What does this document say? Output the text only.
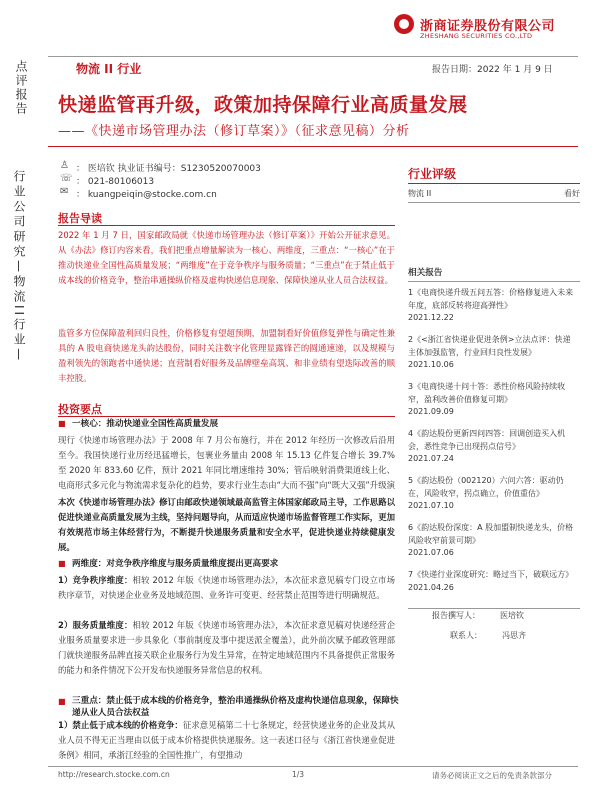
浙商证券股份有限公司
ZHESHANG SECURITIES CO.,LTD
物流 II 行业	报告日期：2022 年 1 月 9 日
点评报告
行业公司研究—物流II行业—
快递监管再升级，政策加持保障行业高质量发展
——《快递市场管理办法（修订草案）》（征求意见稿）分析
♙ ： 医培钦 执业证书编号：S1230520070003
☏ ： 021-80106013
✉ ： kuangpeiqin@stocke.com.cn
报告导读
2022 年 1 月 7 日，国家邮政局就《快递市场管理办法（修订草案）》开始公开征求意见。从《办法》修订内容来看，我们把重点增量解读为一核心、两维度，三重点：“一核心”在于推动快递业全国性高质量发展；“两维度”在于竞争秩序与服务质量；“三重点”在于禁止低于成本线的价格竞争，整治串通操纵价格及虚构快递信息现象、保障快递从业人员合法权益。
监管多方位保障盈利回归良性，价格修复有望超预期，加盟制看好价值修复弹性与确定性兼具的 A 股电商快递龙头韵达股份，同时关注数字化管理显露锋芒的圆通速递，以及规模与盈利领先的领跑者中通快递；直营制看好服务及品牌壁垒高筑、和非业绩有望迭际改善的顺丰控股。
投资要点
■ 一核心：推动快递业全国性高质量发展
现行《快递市场管理办法》于 2008 年 7 月公布施行，并在 2012 年经历一次修改后沿用至今。我国快递行业历经迅猛增长，包裹业务量由 2008 年 15.13 亿件复合增长 39.7% 至 2020 年 833.60 亿件，预计 2021 年同比增速维持 30%；管后映射消费渠道线上化、电商形式多元化与物流需求复杂化的趋势，要求行业生态由“大而不强”向“既大又强”升级演
本次《快递市场管理办法》修订由邮政快递领域最高监管主体国家邮政局主导，工作思路以促进快递业高质量发展为主线，坚持问题导向，从而适应快递市场监督管理工作实际，更加有效规范市场主体经营行为，不断提升快递服务质量和安全水平，促进快递业持续健康发展。
■ 两维度：对竞争秩序维度与服务质量维度提出更高要求
1）竞争秩序维度：相较 2012 年版《快递市场管理办法》，本次征求意见稿专门设立市场秩序章节，对快递企业业务及地域范围、业务许可变更、经营禁止范围等进行明确规范。
2）服务质量维度：相较 2012 年版《快递市场管理办法》，本次征求意见稿对快递经营企业服务质量要求进一步具象化（事前制度及事中提送派全覆盖），此外前次赋予邮政管理部门就快递服务品牌直接关联企业服务行为发生异常，在特定地域范围内不具备提供正常服务的能力和条件情况下公开发布快递服务异常信息的权利。
■ 三重点：禁止低于成本线的价格竞争，整治串通操纵价格及虚构快递信息现象，保障快递从业人员合法权益
1）禁止低于成本线的价格竞争：征求意见稿第二十七条规定，经营快递业务的企业及其从业人员不得无正当理由以低于成本价格提供快递服务。这一表述口径与《浙江省快递业促进条例》相同，承浙江经验的全国性推广，有望推动
行业评级
物流 II	看好
相关报告
1《电商快递升级五问五答：价格修复进入未来年度，底部反转将迎高弹性》
2021.12.22
2《<浙江省快递业促进条例>立法点评：快递主体加强监管，行业回归良性发展》
2021.10.06
3《电商快递十问十答：悉性价格风险持续收窄，盈利改善价值修复可期》
2021.09.09
4《韵达股份更新四问四答：回调创造买入机会，悉性竞争已出现拐点信号》
2021.07.24
5《韵达股份（002120）六问六答：驱动仍在，风险收窄，拐点确立，价值重估》
2021.07.10
6《韵达股份深度：A 股加盟制快递龙头，价格风险收窄前景可期》
2021.07.06
7《快递行业深度研究：略过当下，破联远方》
2021.04.26
报告撰写人：	医培钦
联系人：	冯思齐
http://research.stocke.com.cn	1/3	请务必阅读正文之后的免责条款部分
